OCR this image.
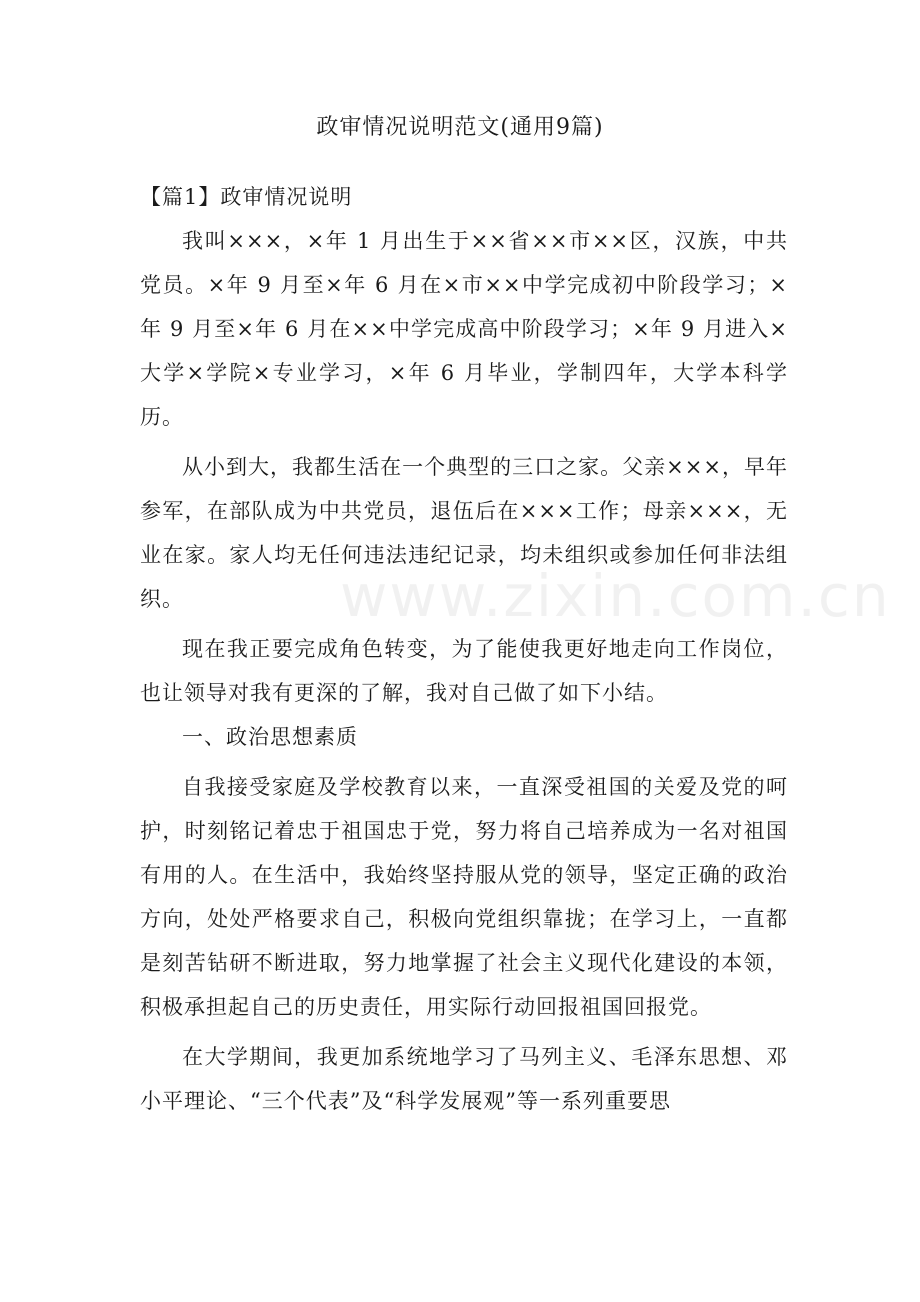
www.zixin.com.cn
政审情况说明范文(通用9篇)
【篇1】政审情况说明

我叫×××，×年 1 月出生于××省××市××区，汉族，中共党员。×年 9 月至×年 6 月在×市××中学完成初中阶段学习；×年 9 月至×年 6 月在××中学完成高中阶段学习；×年 9 月进入×大学×学院×专业学习，×年 6 月毕业，学制四年，大学本科学历。

从小到大，我都生活在一个典型的三口之家。父亲×××，早年参军，在部队成为中共党员，退伍后在×××工作；母亲×××，无业在家。家人均无任何违法违纪记录，均未组织或参加任何非法组织。

现在我正要完成角色转变，为了能使我更好地走向工作岗位，也让领导对我有更深的了解，我对自己做了如下小结。

一、政治思想素质

自我接受家庭及学校教育以来，一直深受祖国的关爱及党的呵护，时刻铭记着忠于祖国忠于党，努力将自己培养成为一名对祖国有用的人。在生活中，我始终坚持服从党的领导，坚定正确的政治方向，处处严格要求自己，积极向党组织靠拢；在学习上，一直都是刻苦钻研不断进取，努力地掌握了社会主义现代化建设的本领，积极承担起自己的历史责任，用实际行动回报祖国回报党。

在大学期间，我更加系统地学习了马列主义、毛泽东思想、邓小平理论、“三个代表”及“科学发展观”等一系列重要思
